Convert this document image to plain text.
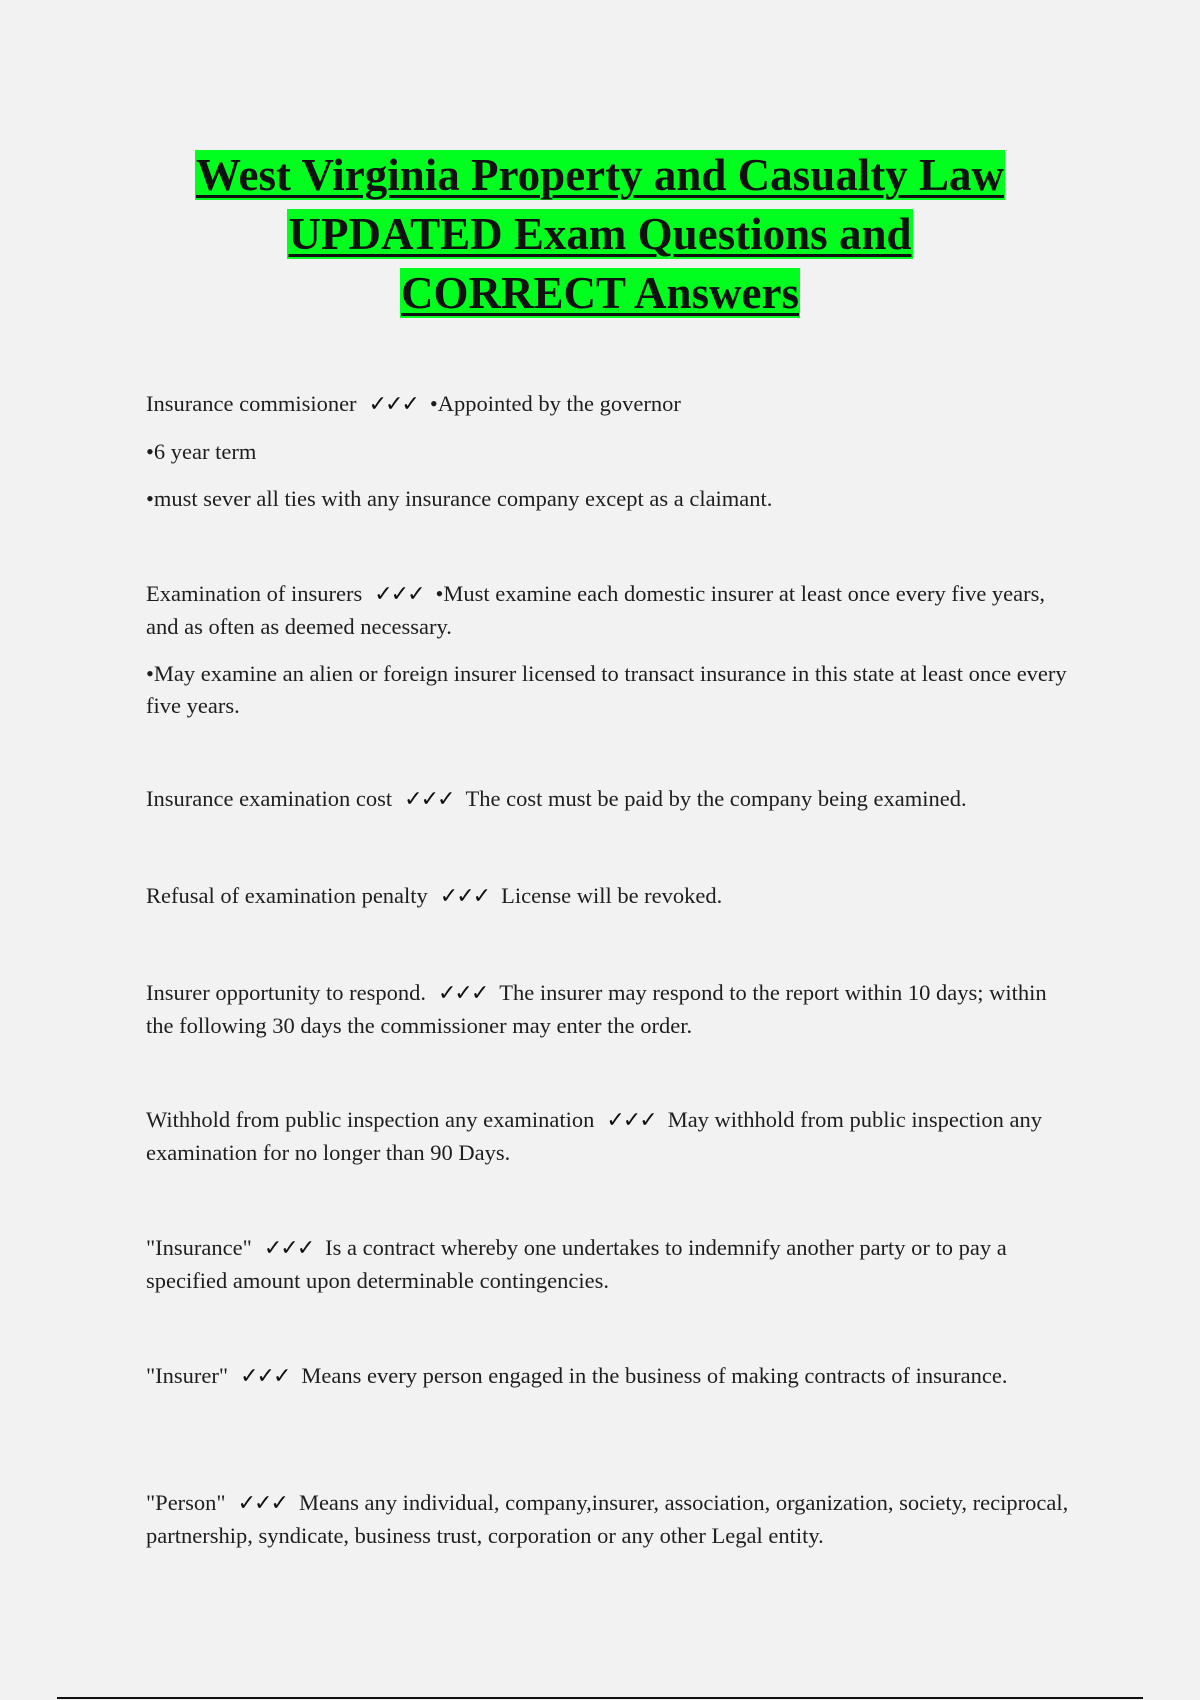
West Virginia Property and Casualty Law
UPDATED Exam Questions and
CORRECT Answers

Insurance commisioner ✓✓✓ •Appointed by the governor

•6 year term

•must sever all ties with any insurance company except as a claimant.

Examination of insurers ✓✓✓ •Must examine each domestic insurer at least once every five years, and as often as deemed necessary.

•May examine an alien or foreign insurer licensed to transact insurance in this state at least once every five years.

Insurance examination cost ✓✓✓ The cost must be paid by the company being examined.

Refusal of examination penalty ✓✓✓ License will be revoked.

Insurer opportunity to respond. ✓✓✓ The insurer may respond to the report within 10 days; within the following 30 days the commissioner may enter the order.

Withhold from public inspection any examination ✓✓✓ May withhold from public inspection any examination for no longer than 90 Days.

"Insurance" ✓✓✓ Is a contract whereby one undertakes to indemnify another party or to pay a specified amount upon determinable contingencies.

"Insurer" ✓✓✓ Means every person engaged in the business of making contracts of insurance.

"Person" ✓✓✓ Means any individual, company,insurer, association, organization, society, reciprocal, partnership, syndicate, business trust, corporation or any other Legal entity.
